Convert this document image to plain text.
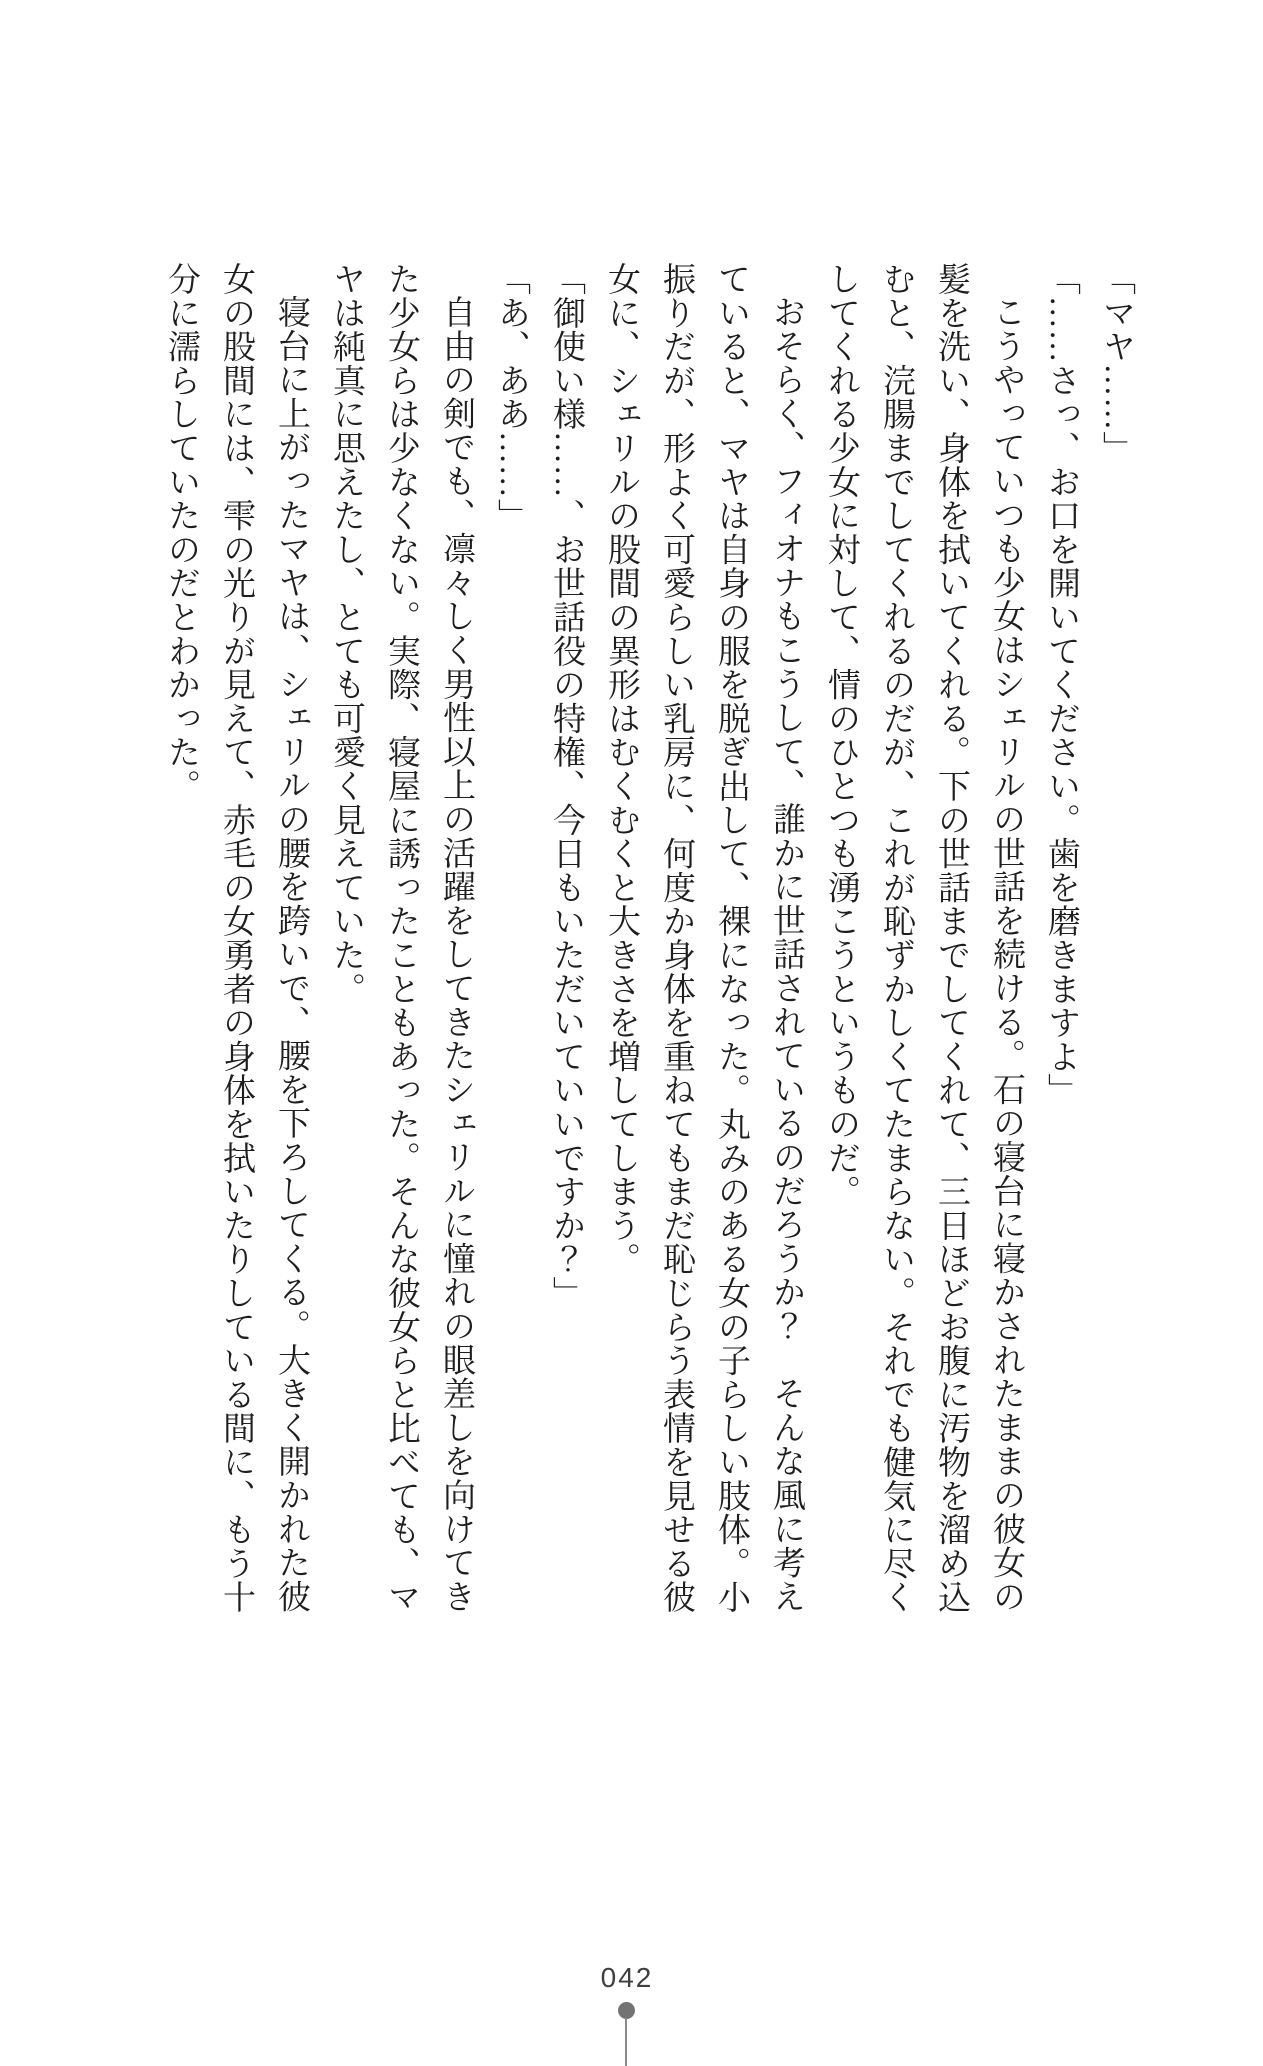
「マヤ……」

「……さっ、お口を開いてください。歯を磨きますよ」

こうやっていつも少女はシェリルの世話を続ける。石の寝台に寝かされたままの彼女の

髪を洗い、身体を拭いてくれる。下の世話までしてくれて、三日ほどお腹に汚物を溜め込

むと、浣腸までしてくれるのだが、これが恥ずかしくてたまらない。それでも健気に尽く

してくれる少女に対して、情のひとつも湧こうというものだ。

おそらく、フィオナもこうして、誰かに世話されているのだろうか？　そんな風に考え

ていると、マヤは自身の服を脱ぎ出して、裸になった。丸みのある女の子らしい肢体。小

振りだが、形よく可愛らしい乳房に、何度か身体を重ねてもまだ恥じらう表情を見せる彼

女に、シェリルの股間の異形はむくむくと大きさを増してしまう。

「御使い様……、お世話役の特権、今日もいただいていいですか？」

「あ、ああ……」

自由の剣でも、凛々しく男性以上の活躍をしてきたシェリルに憧れの眼差しを向けてき

た少女らは少なくない。実際、寝屋に誘ったこともあった。そんな彼女らと比べても、マ

ヤは純真に思えたし、とても可愛く見えていた。

寝台に上がったマヤは、シェリルの腰を跨いで、腰を下ろしてくる。大きく開かれた彼

女の股間には、雫の光りが見えて、赤毛の女勇者の身体を拭いたりしている間に、もう十

分に濡らしていたのだとわかった。

042
